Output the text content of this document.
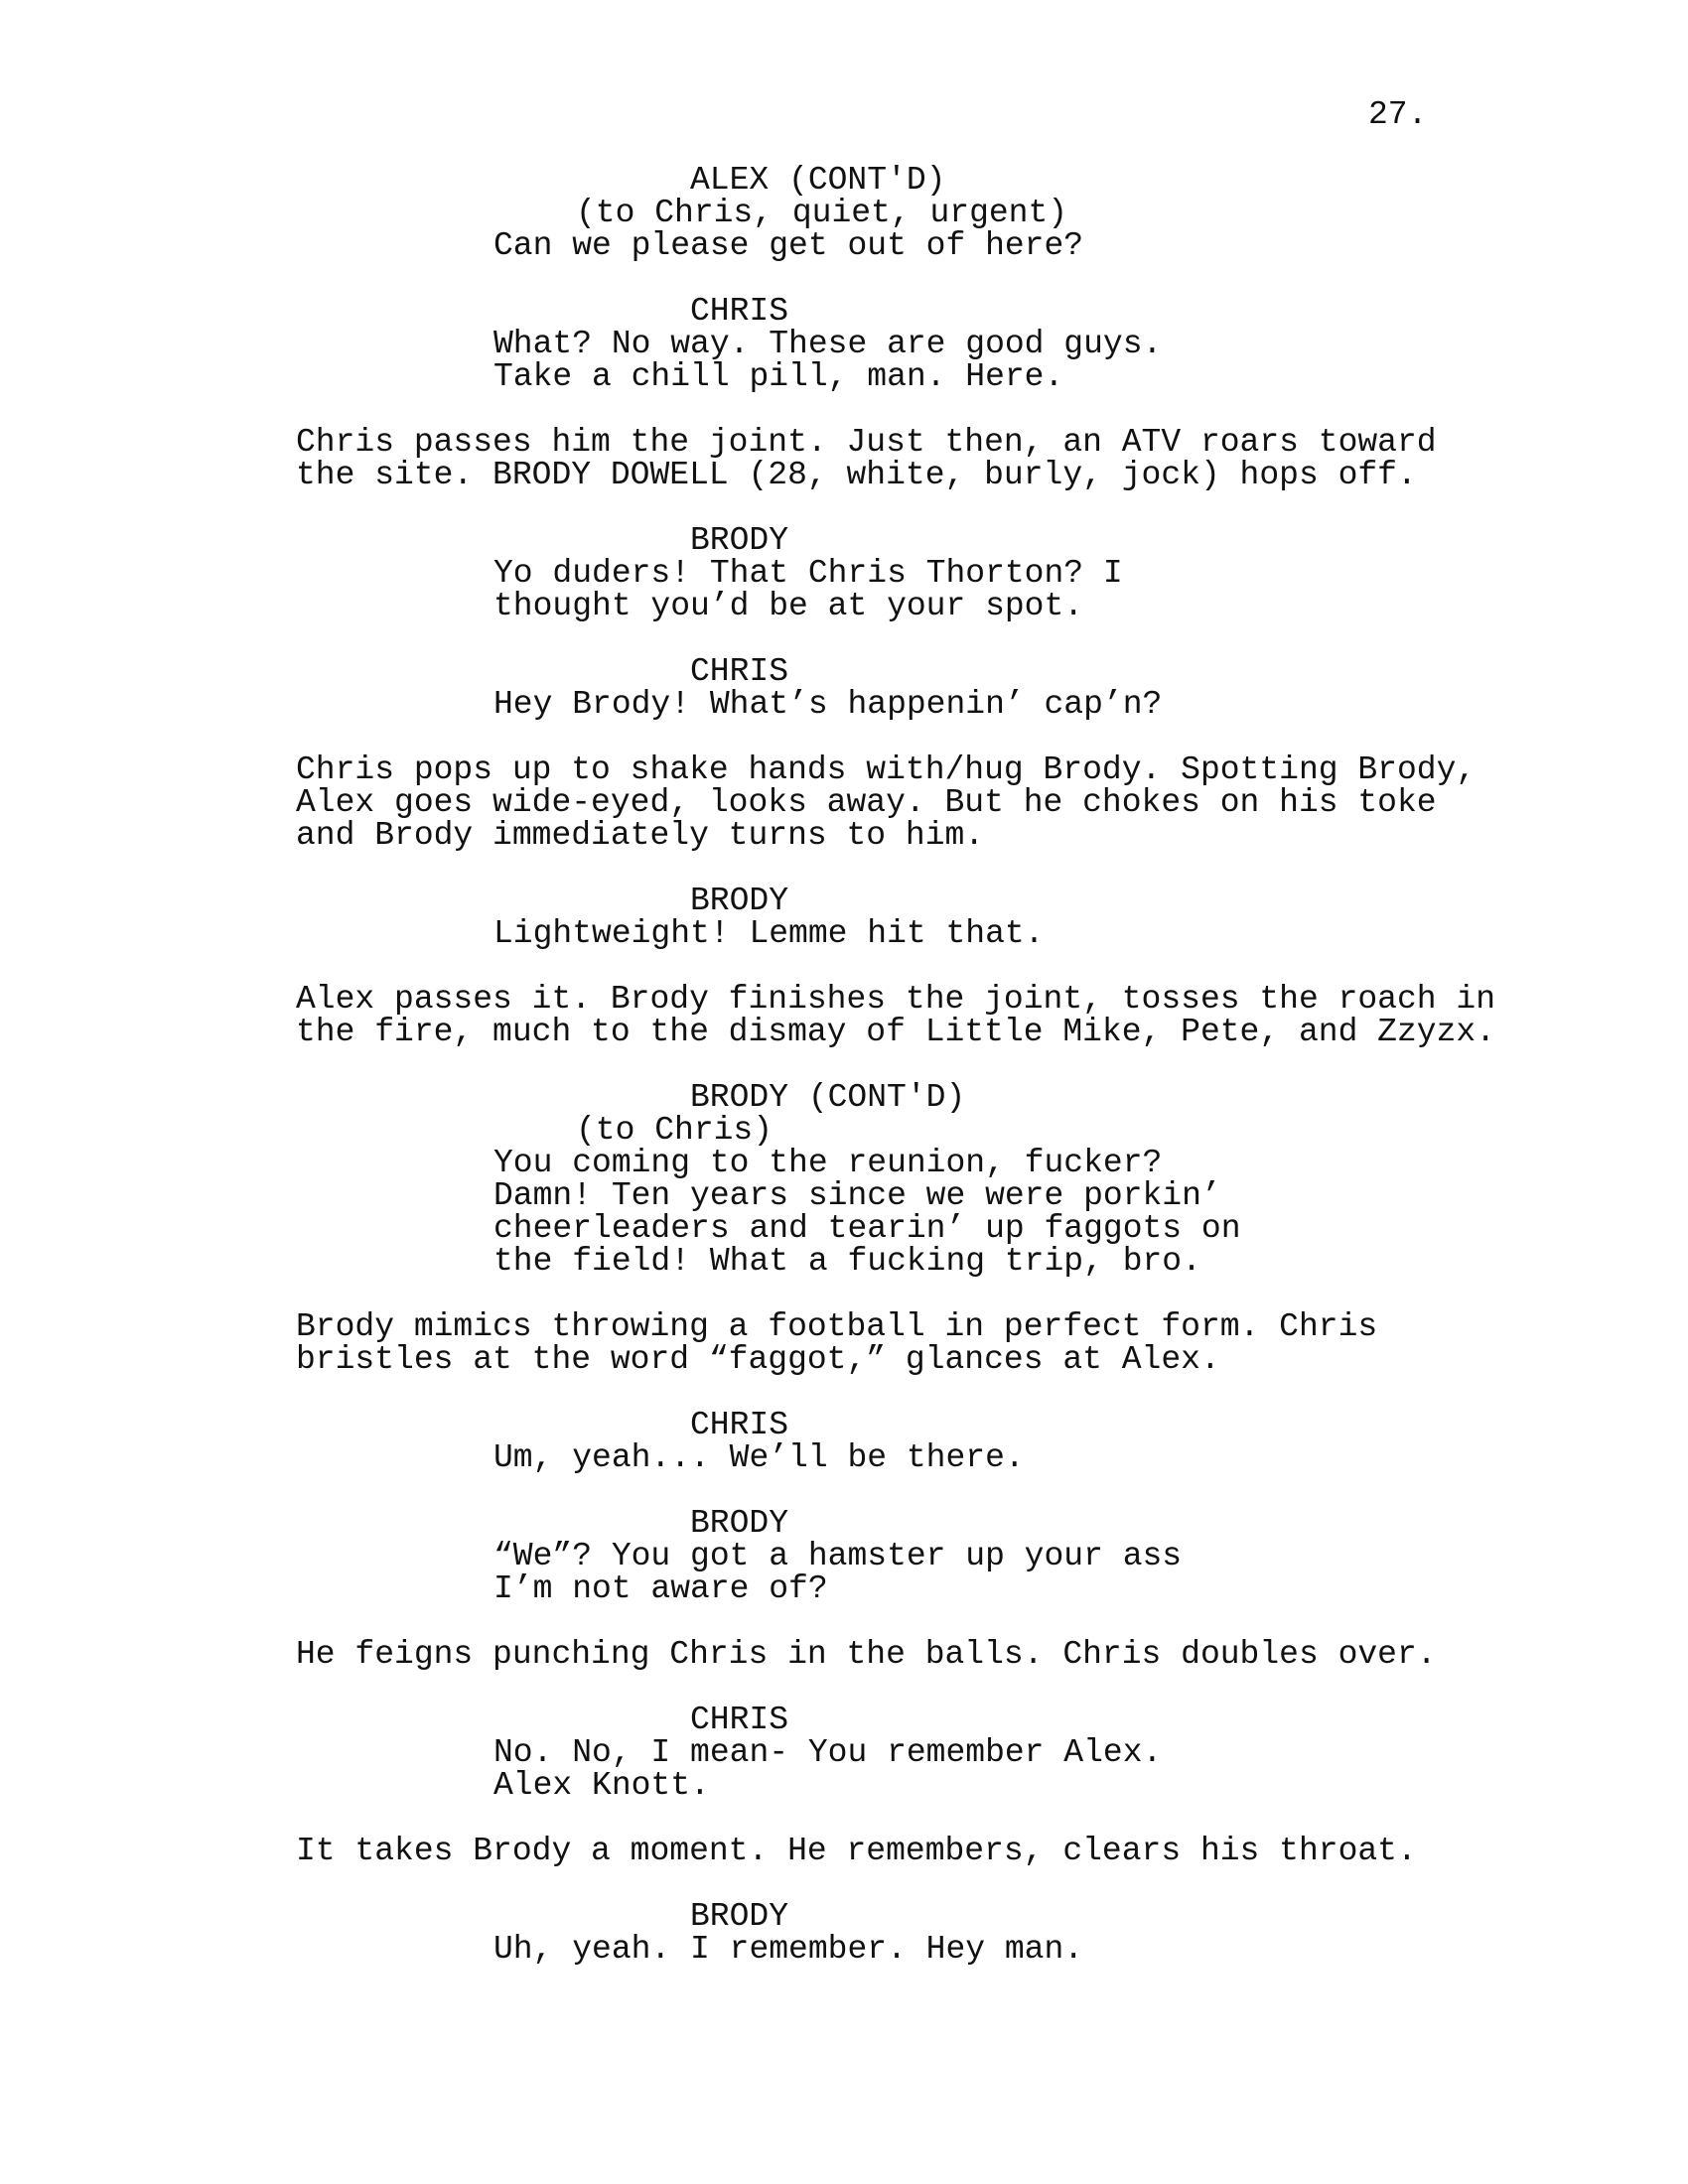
27.
ALEX (CONT'D)
(to Chris, quiet, urgent)
Can we please get out of here?
CHRIS
What? No way. These are good guys.
Take a chill pill, man. Here.
Chris passes him the joint. Just then, an ATV roars toward
the site. BRODY DOWELL (28, white, burly, jock) hops off.
BRODY
Yo duders! That Chris Thorton? I
thought you’d be at your spot.
CHRIS
Hey Brody! What’s happenin’ cap’n?
Chris pops up to shake hands with/hug Brody. Spotting Brody,
Alex goes wide-eyed, looks away. But he chokes on his toke
and Brody immediately turns to him.
BRODY
Lightweight! Lemme hit that.
Alex passes it. Brody finishes the joint, tosses the roach in
the fire, much to the dismay of Little Mike, Pete, and Zzyzx.
BRODY (CONT'D)
(to Chris)
You coming to the reunion, fucker?
Damn! Ten years since we were porkin’
cheerleaders and tearin’ up faggots on
the field! What a fucking trip, bro.
Brody mimics throwing a football in perfect form. Chris
bristles at the word “faggot,” glances at Alex.
CHRIS
Um, yeah... We’ll be there.
BRODY
“We”? You got a hamster up your ass
I’m not aware of?
He feigns punching Chris in the balls. Chris doubles over.
CHRIS
No. No, I mean- You remember Alex.
Alex Knott.
It takes Brody a moment. He remembers, clears his throat.
BRODY
Uh, yeah. I remember. Hey man.
